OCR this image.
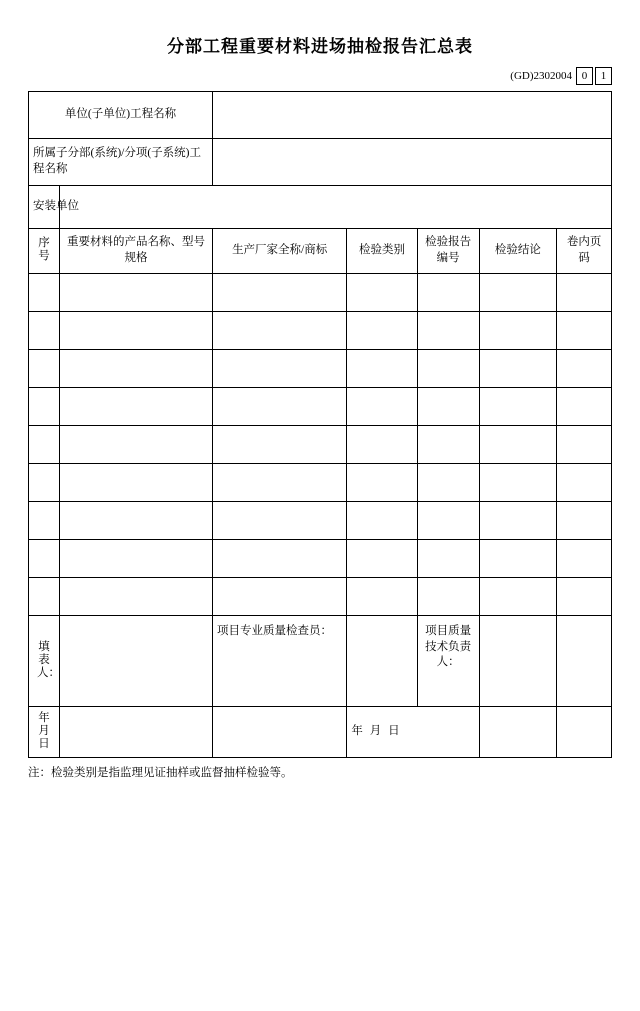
分部工程重要材料进场抽检报告汇总表
(GD)2302004 0	1
单位(子单位)工程名称						
所属子分部(系统)/分项(子系统)工程名称						
安装单位						
序号	重要材料的产品名称、型号规格	生产厂家全称/商标	检验类别	检验报告编号	检验结论	卷内页码

填表人：		项目专业质量检查员：		项目质量技术负责人：		
年 月 日			年 月 日			
注：检验类别是指监理见证抽样或监督抽样检验等。
